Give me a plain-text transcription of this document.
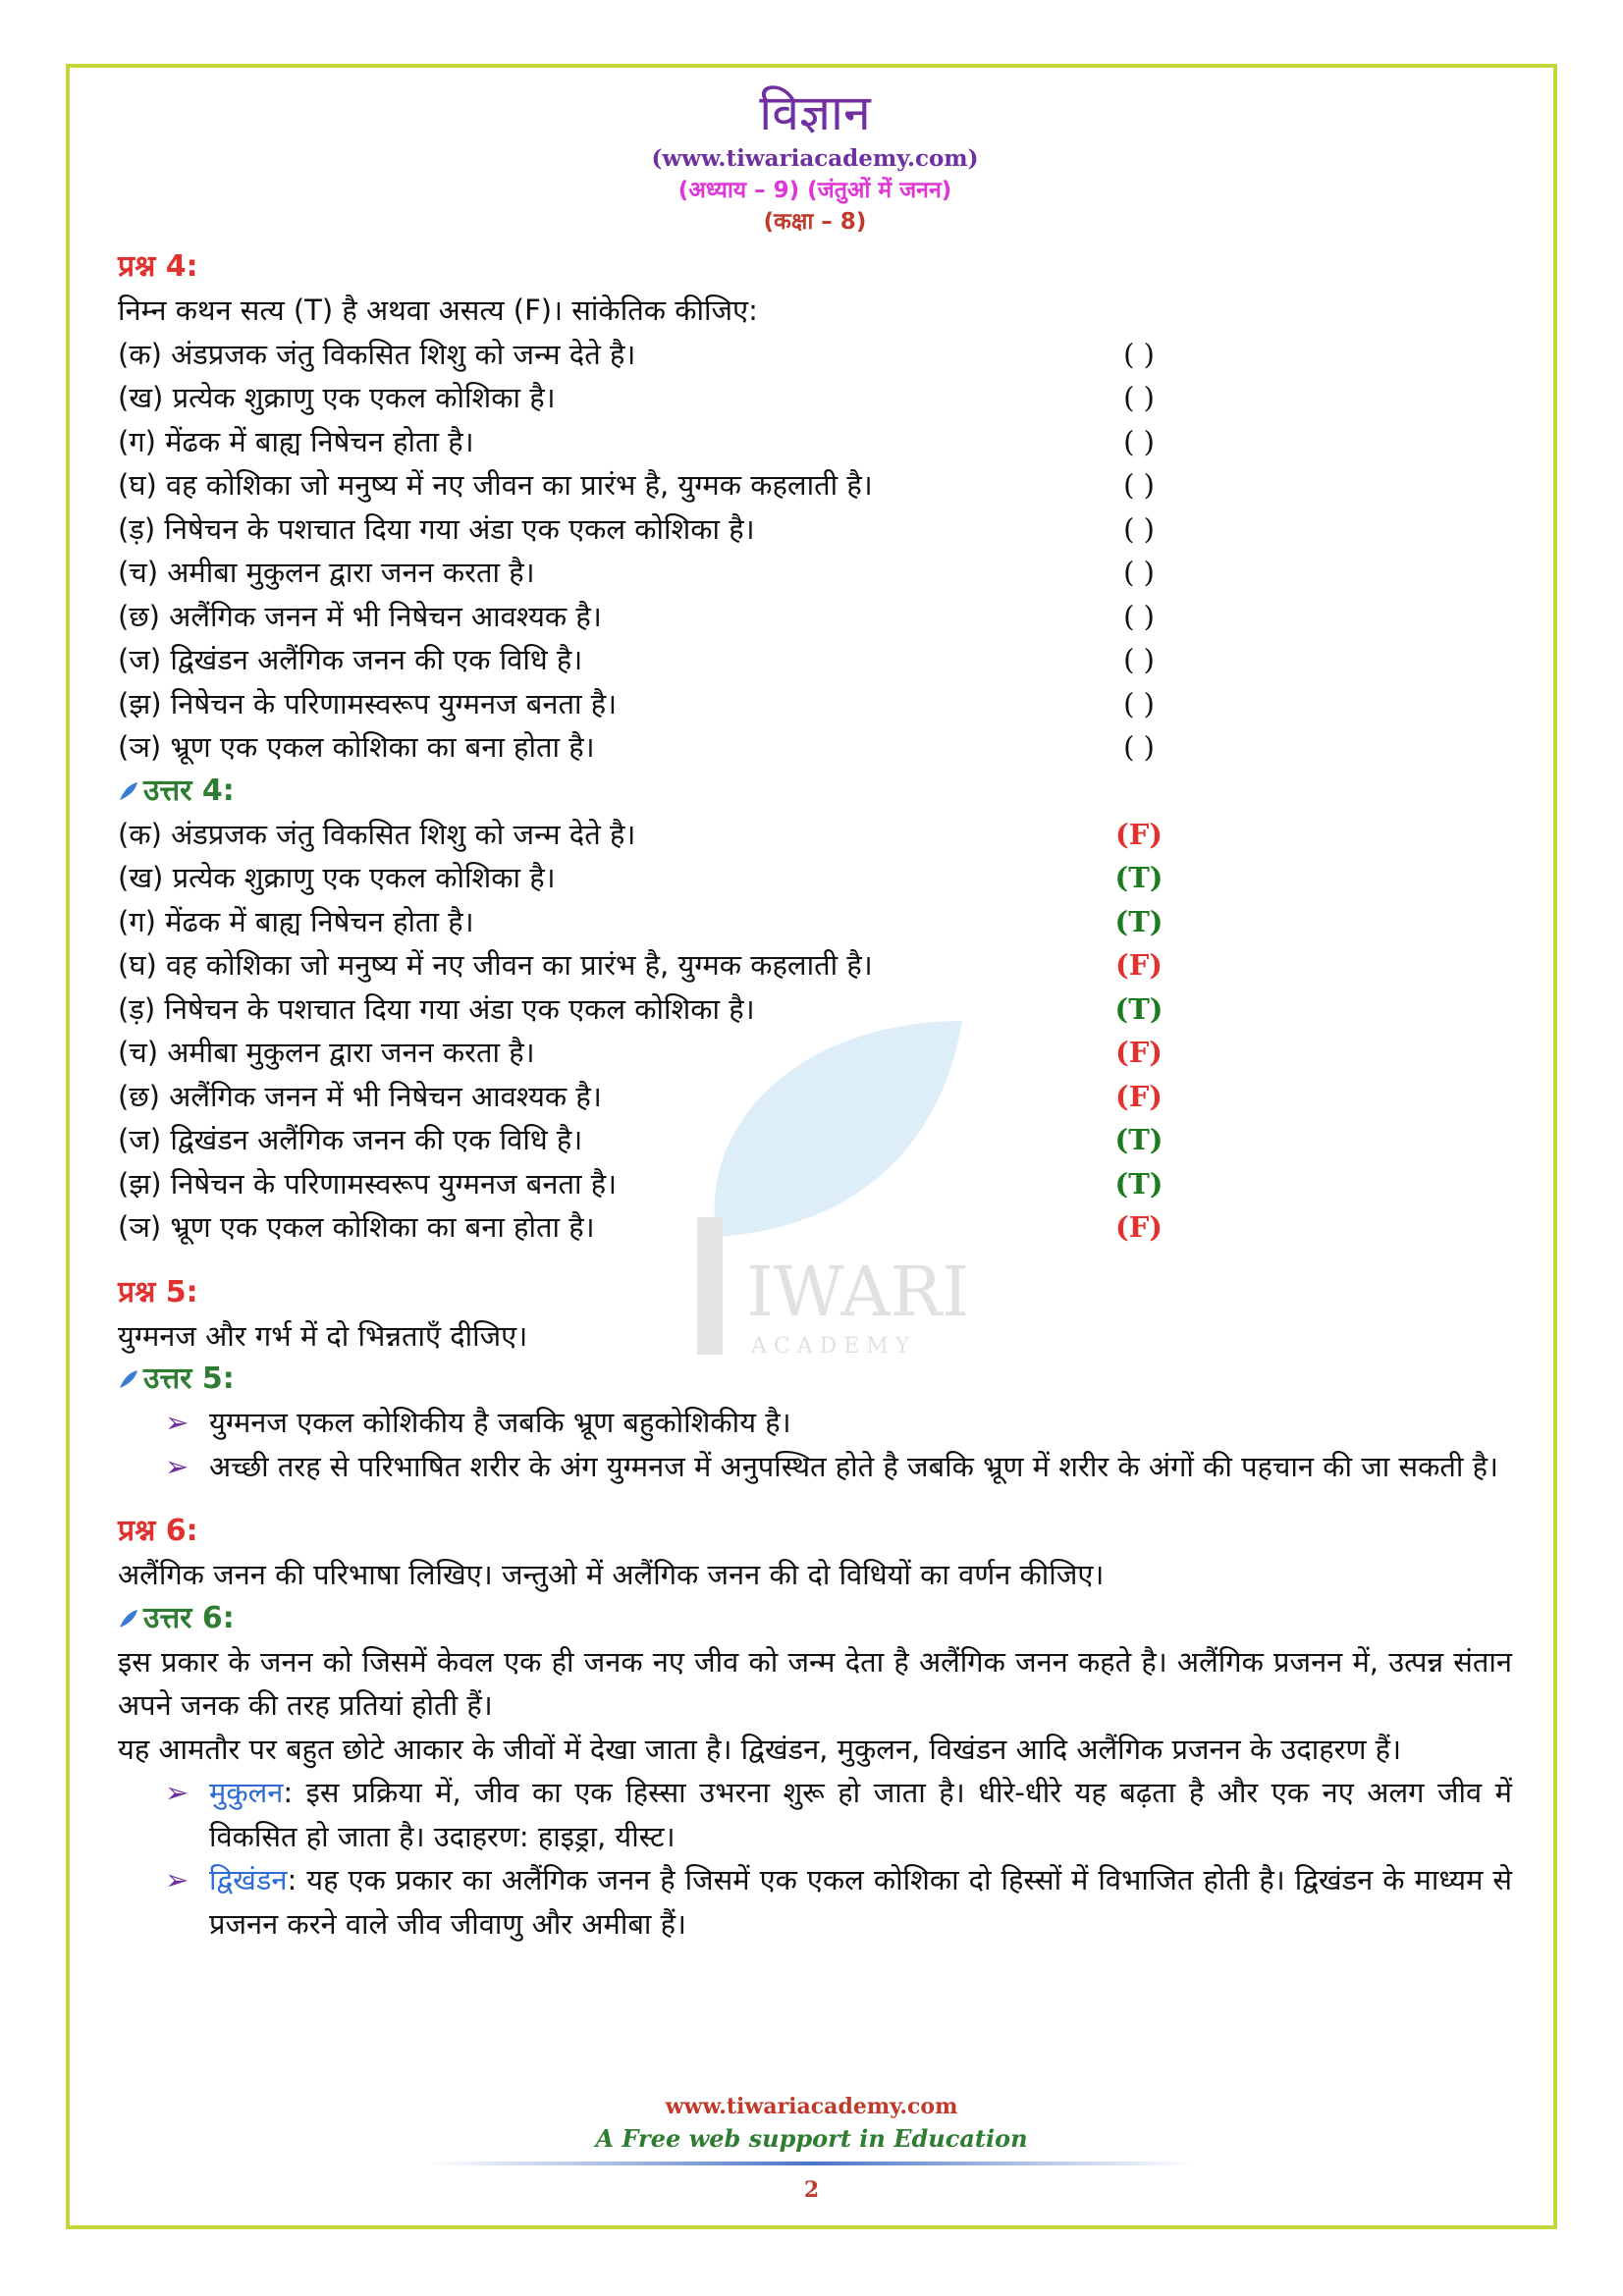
IWARI
A C A D E M Y
विज्ञान
(www.tiwariacademy.com)
(अध्याय – 9) (जंतुओं में जनन)
(कक्षा – 8)
प्रश्न 4:
निम्न कथन सत्य (T) है अथवा असत्य (F)। सांकेतिक कीजिए:
(क) अंडप्रजक जंतु विकसित शिशु को जन्म देते है।	( )
(ख) प्रत्येक शुक्राणु एक एकल कोशिका है।	( )
(ग) मेंढक में बाह्य निषेचन होता है।	( )
(घ) वह कोशिका जो मनुष्य में नए जीवन का प्रारंभ है, युग्मक कहलाती है।	( )
(ड़) निषेचन के पशचात दिया गया अंडा एक एकल कोशिका है।	( )
(च) अमीबा मुकुलन द्वारा जनन करता है।	( )
(छ) अलैंगिक जनन में भी निषेचन आवश्यक है।	( )
(ज) द्विखंडन अलैंगिक जनन की एक विधि है।	( )
(झ) निषेचन के परिणामस्वरूप युग्मनज बनता है।	( )
(ञ) भ्रूण एक एकल कोशिका का बना होता है।	( )
उत्तर 4:
(क) अंडप्रजक जंतु विकसित शिशु को जन्म देते है।	(F)
(ख) प्रत्येक शुक्राणु एक एकल कोशिका है।	(T)
(ग) मेंढक में बाह्य निषेचन होता है।	(T)
(घ) वह कोशिका जो मनुष्य में नए जीवन का प्रारंभ है, युग्मक कहलाती है।	(F)
(ड़) निषेचन के पशचात दिया गया अंडा एक एकल कोशिका है।	(T)
(च) अमीबा मुकुलन द्वारा जनन करता है।	(F)
(छ) अलैंगिक जनन में भी निषेचन आवश्यक है।	(F)
(ज) द्विखंडन अलैंगिक जनन की एक विधि है।	(T)
(झ) निषेचन के परिणामस्वरूप युग्मनज बनता है।	(T)
(ञ) भ्रूण एक एकल कोशिका का बना होता है।	(F)
प्रश्न 5:
युग्मनज और गर्भ में दो भिन्नताएँ दीजिए।
उत्तर 5:
➢ युग्मनज एकल कोशिकीय है जबकि भ्रूण बहुकोशिकीय है।
➢ अच्छी तरह से परिभाषित शरीर के अंग युग्मनज में अनुपस्थित होते है जबकि भ्रूण में शरीर के अंगों की पहचान की जा सकती है।
प्रश्न 6:
अलैंगिक जनन की परिभाषा लिखिए। जन्तुओ में अलैंगिक जनन की दो विधियों का वर्णन कीजिए।
उत्तर 6:
इस प्रकार के जनन को जिसमें केवल एक ही जनक नए जीव को जन्म देता है अलैंगिक जनन कहते है। अलैंगिक प्रजनन में, उत्पन्न संतान अपने जनक की तरह प्रतियां होती हैं।
यह आमतौर पर बहुत छोटे आकार के जीवों में देखा जाता है। द्विखंडन, मुकुलन, विखंडन आदि अलैंगिक प्रजनन के उदाहरण हैं।
➢ मुकुलन: इस प्रक्रिया में, जीव का एक हिस्सा उभरना शुरू हो जाता है। धीरे-धीरे यह बढ़ता है और एक नए अलग जीव में विकसित हो जाता है। उदाहरण: हाइड्रा, यीस्ट।
➢ द्विखंडन: यह एक प्रकार का अलैंगिक जनन है जिसमें एक एकल कोशिका दो हिस्सों में विभाजित होती है। द्विखंडन के माध्यम से प्रजनन करने वाले जीव जीवाणु और अमीबा हैं।
www.tiwariacademy.com
A Free web support in Education
2
